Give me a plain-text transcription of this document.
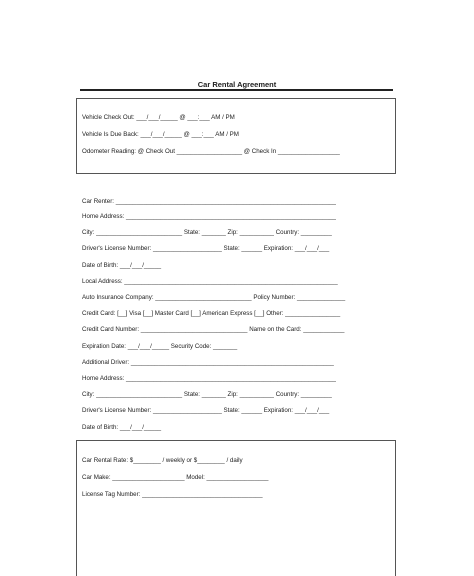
Car Rental Agreement
Vehicle Check Out: ___/___/_____ @ ___:___ AM / PM
Vehicle Is Due Back: ___/___/_____ @ ___:___ AM / PM
Odometer Reading: @ Check Out ___________________ @ Check In __________________
Car Renter: ________________________________________________________________
Home Address: _____________________________________________________________
City: _________________________ State: _______ Zip: __________ Country: _________
Driver's License Number: ____________________ State: ______ Expiration: ___/___/___
Date of Birth: ___/___/_____
Local Address: ______________________________________________________________
Auto Insurance Company: ____________________________ Policy Number: ______________
Credit Card: [__] Visa [__] Master Card [__] American Express [__] Other: ________________
Credit Card Number: _______________________________ Name on the Card: ____________
Expiration Date: ___/___/_____ Security Code: _______
Additional Driver: ___________________________________________________________
Home Address: _____________________________________________________________
City: _________________________ State: _______ Zip: __________ Country: _________
Driver's License Number: ____________________ State: ______ Expiration: ___/___/___
Date of Birth: ___/___/_____
Car Rental Rate: $________ / weekly or $________ / daily
Car Make: _____________________ Model: __________________
License Tag Number: ___________________________________
